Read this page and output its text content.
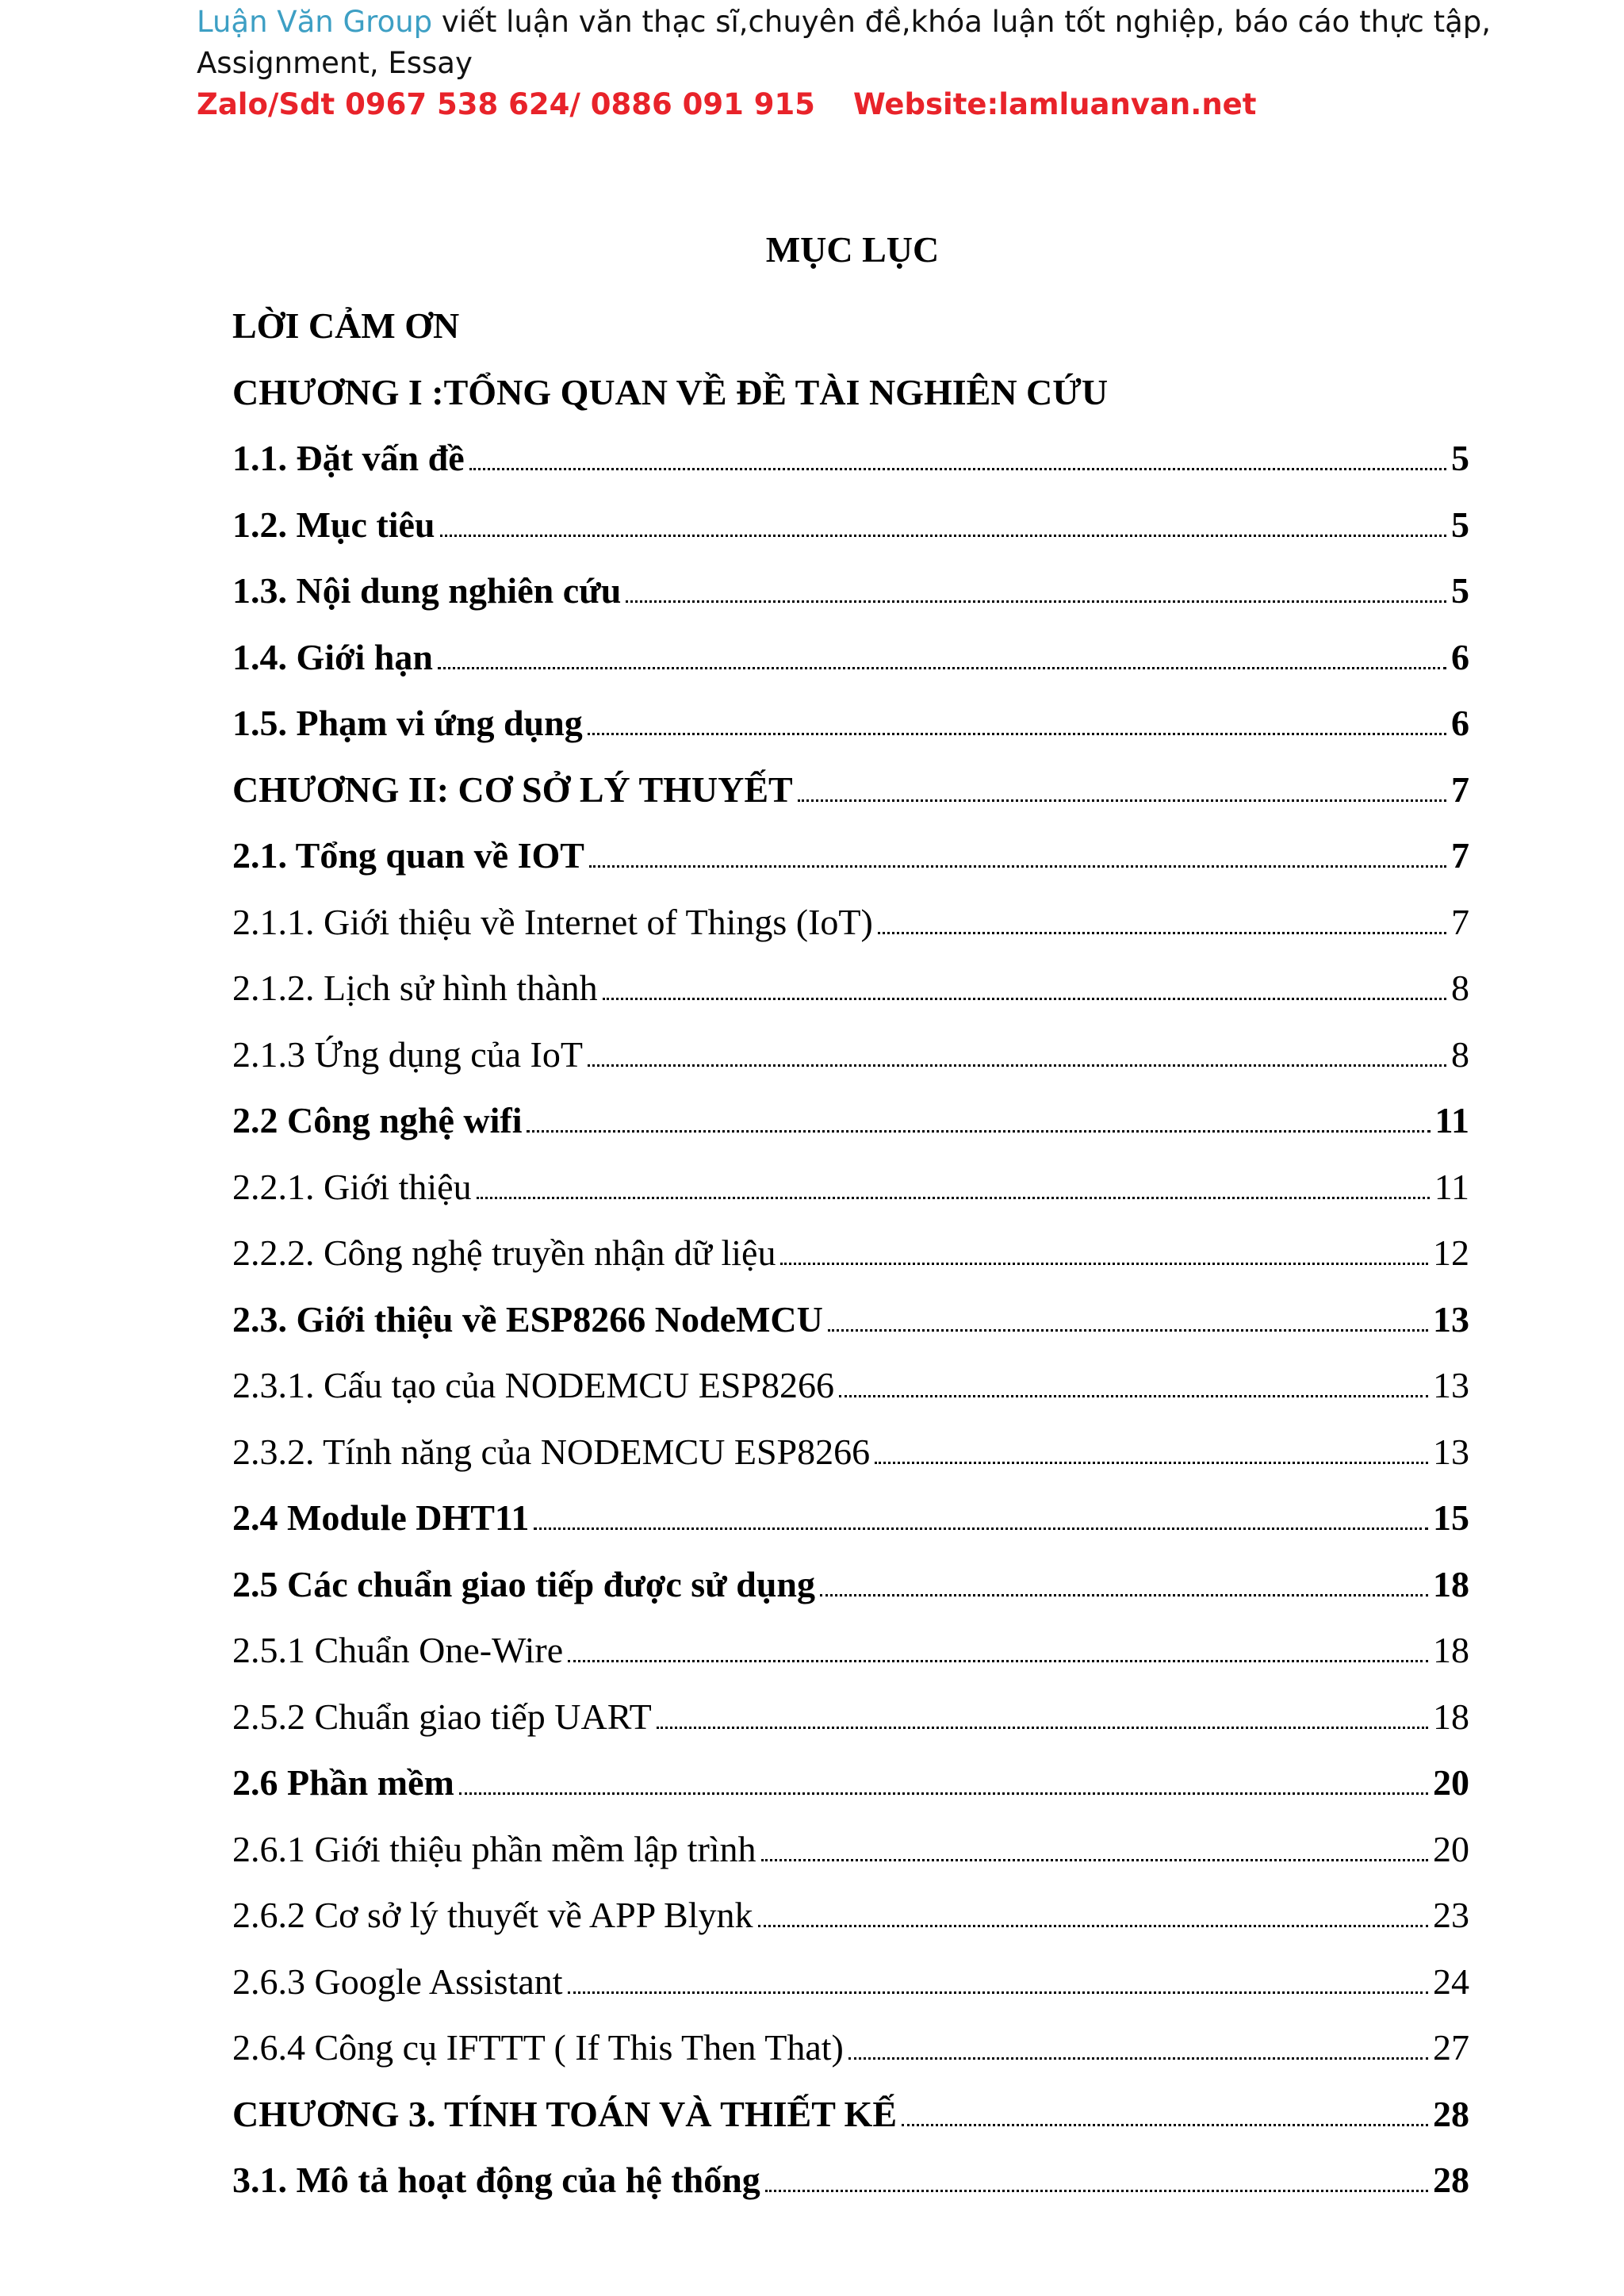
Luận Văn Group viết luận văn thạc sĩ,chuyên đề,khóa luận tốt nghiệp, báo cáo thực tập, Assignment, Essay
Zalo/Sdt 0967 538 624/ 0886 091 915 Website:lamluanvan.net
MỤC LỤC
LỜI CẢM ƠN
CHƯƠNG I :TỔNG QUAN VỀ ĐỀ TÀI NGHIÊN CỨU
1.1. Đặt vấn đề	5
1.2. Mục tiêu	5
1.3. Nội dung nghiên cứu	5
1.4. Giới hạn	6
1.5. Phạm vi ứng dụng	6
CHƯƠNG II: CƠ SỞ LÝ THUYẾT	7
2.1. Tổng quan về IOT	7
2.1.1. Giới thiệu về Internet of Things (IoT)	7
2.1.2. Lịch sử hình thành	8
2.1.3 Ứng dụng của IoT	8
2.2 Công nghệ wifi	11
2.2.1. Giới thiệu	11
2.2.2. Công nghệ truyền nhận dữ liệu	12
2.3. Giới thiệu về ESP8266 NodeMCU	13
2.3.1. Cấu tạo của NODEMCU ESP8266	13
2.3.2. Tính năng của NODEMCU ESP8266	13
2.4 Module DHT11	15
2.5 Các chuẩn giao tiếp được sử dụng	18
2.5.1 Chuẩn One-Wire	18
2.5.2 Chuẩn giao tiếp UART	18
2.6 Phần mềm	20
2.6.1 Giới thiệu phần mềm lập trình	20
2.6.2 Cơ sở lý thuyết về APP Blynk	23
2.6.3 Google Assistant	24
2.6.4 Công cụ IFTTT ( If This Then That)	27
CHƯƠNG 3. TÍNH TOÁN VÀ THIẾT KẾ	28
3.1. Mô tả hoạt động của hệ thống	28
